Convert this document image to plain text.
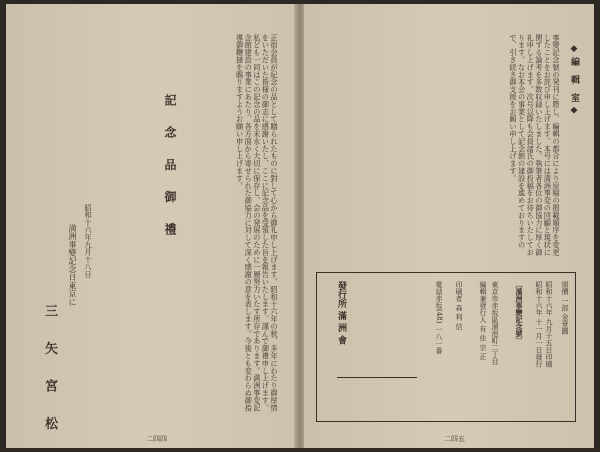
正宿会員が紀念の品として贈られたものに對して心から御礼申し上げます。昭和十六年の秋、多年にわたり御厚情をいただいた皆様の御志に感謝いたし、ここに記念品を受領した旨を報告いたします。謹んで御禮申し上げます。私ども一同はこの記念の品を末永く大切に保存し、会の発展のために一層努力いたす所存であります。満洲事変記念館建設の事業にあたり、各方面から寄せられた御協力に対して深く感謝の意を表します。今後とも変わらぬ御指導御鞭撻を賜りますようお願い申し上げます。
記 念 品 御 禮
昭和十六年九月十八日
満洲事變記念日東京に
三 矢 宮 松	二四四
◆編 輯 室◆
事變記念號の発刊に際し、編輯の都合により原稿の掲載順序を変更したことをお詫び申し上げます。本号には満洲事変の回顧と現状に関する論考を多数収録いたしました。執筆者各位の御協力に厚く御礼申し上げます。次号以降も会員諸氏の御投稿をお待ちいたしております。なお本会の事業として記念館の建設を進めておりますので、引き続き御支援をお願い申し上げます。
頒價 一部 金壹圓
昭和十六年 九月十五日印刷
昭和十六年 十一月一日發行
〔滿洲事變記念號〕
東京市赤坂區溜池町二丁目
編輯兼發行人 有 住 宗 正
印刷者 森 利 信
電話赤坂(48) 一八一番
發行所 滿 洲 會
二四五
